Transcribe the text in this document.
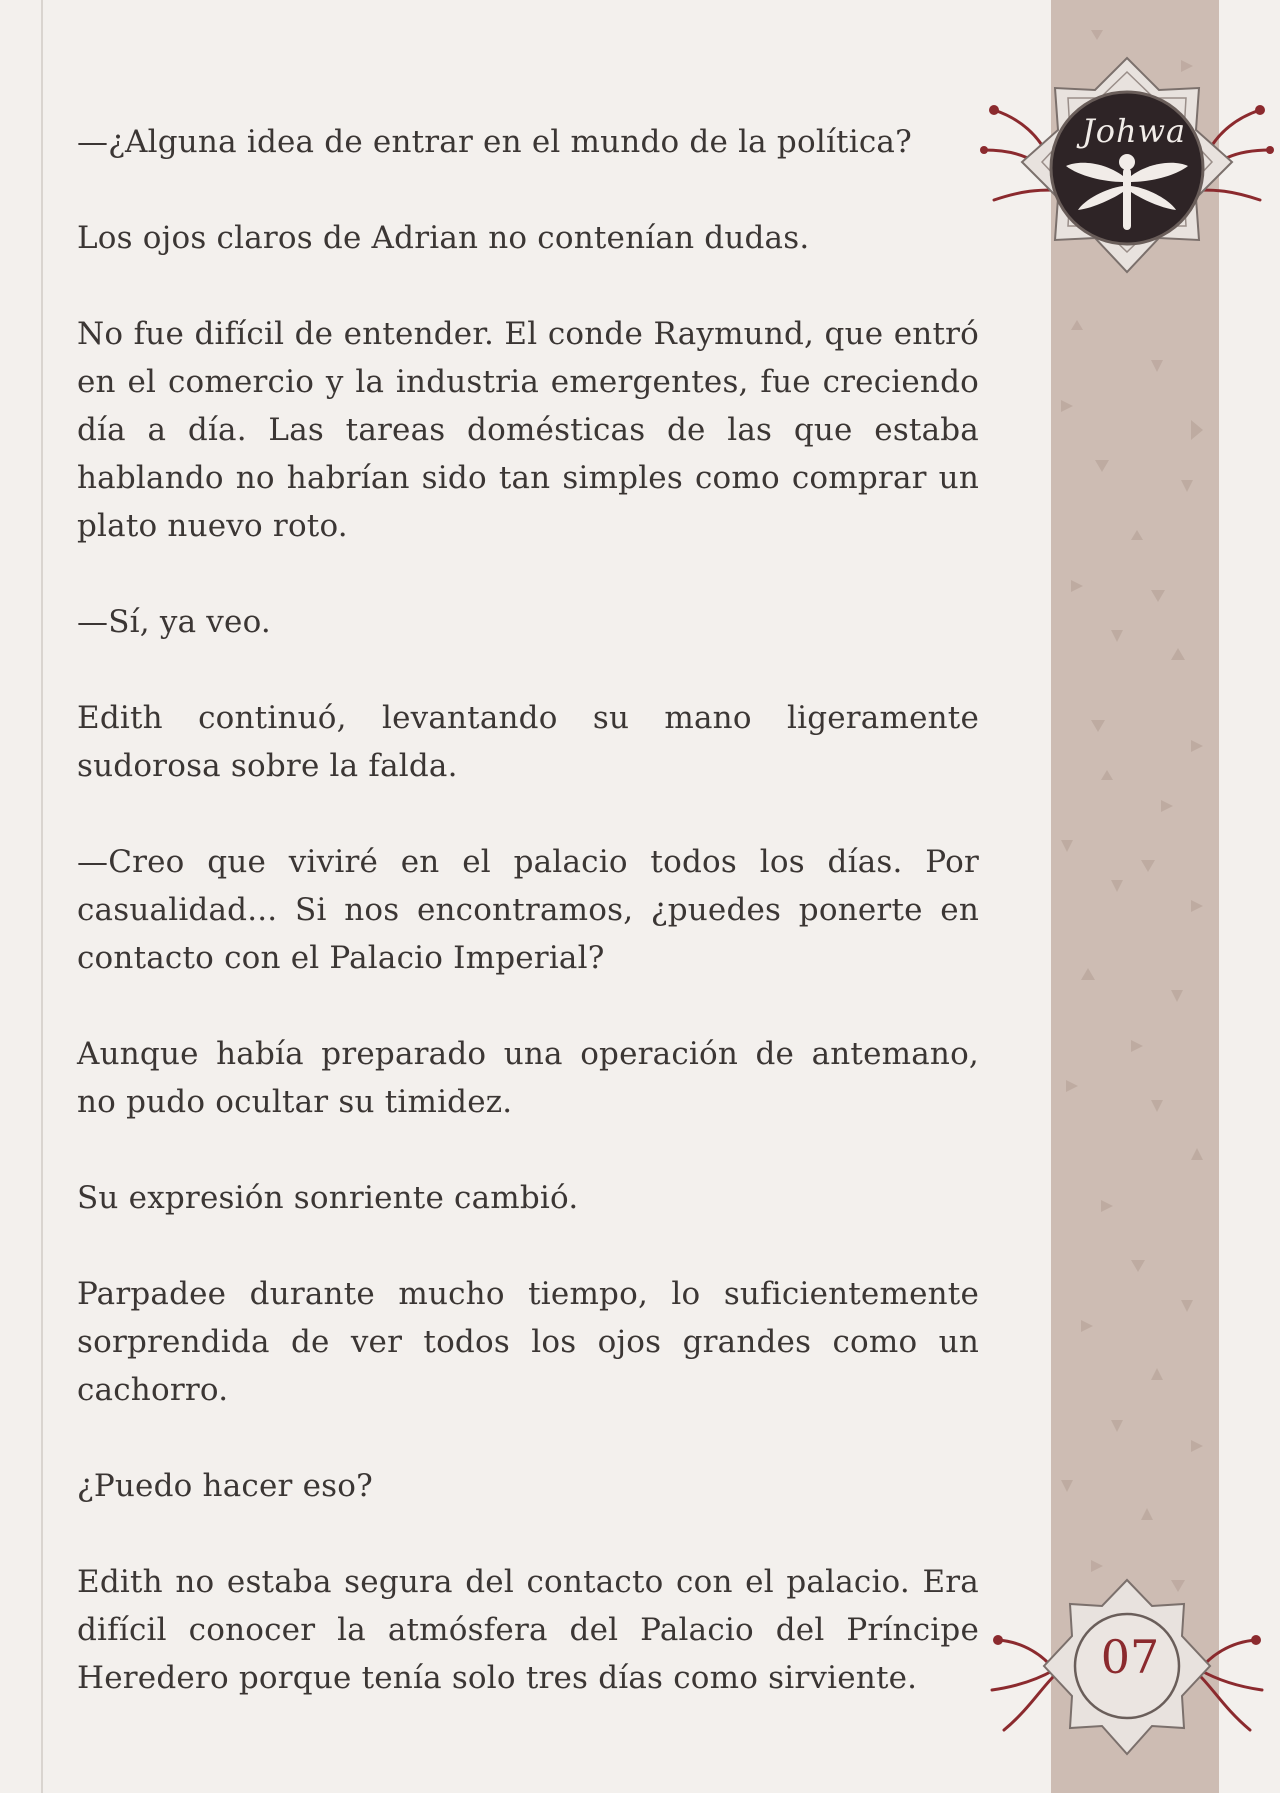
—¿Alguna idea de entrar en el mundo de la política?

Los ojos claros de Adrian no contenían dudas.

No fue difícil de entender. El conde Raymund, que entró en el comercio y la industria emergentes, fue creciendo día a día. Las tareas domésticas de las que estaba hablando no habrían sido tan simples como comprar un plato nuevo roto.

—Sí, ya veo.

Edith continuó, levantando su mano ligeramente sudorosa sobre la falda.

—Creo que viviré en el palacio todos los días. Por casualidad... Si nos encontramos, ¿puedes ponerte en contacto con el Palacio Imperial?

Aunque había preparado una operación de antemano, no pudo ocultar su timidez.

Su expresión sonriente cambió.

Parpadee durante mucho tiempo, lo suficientemente sorprendida de ver todos los ojos grandes como un cachorro.

¿Puedo hacer eso?

Edith no estaba segura del contacto con el palacio. Era difícil conocer la atmósfera del Palacio del Príncipe Heredero porque tenía solo tres días como sirviente.

Johwa
07
